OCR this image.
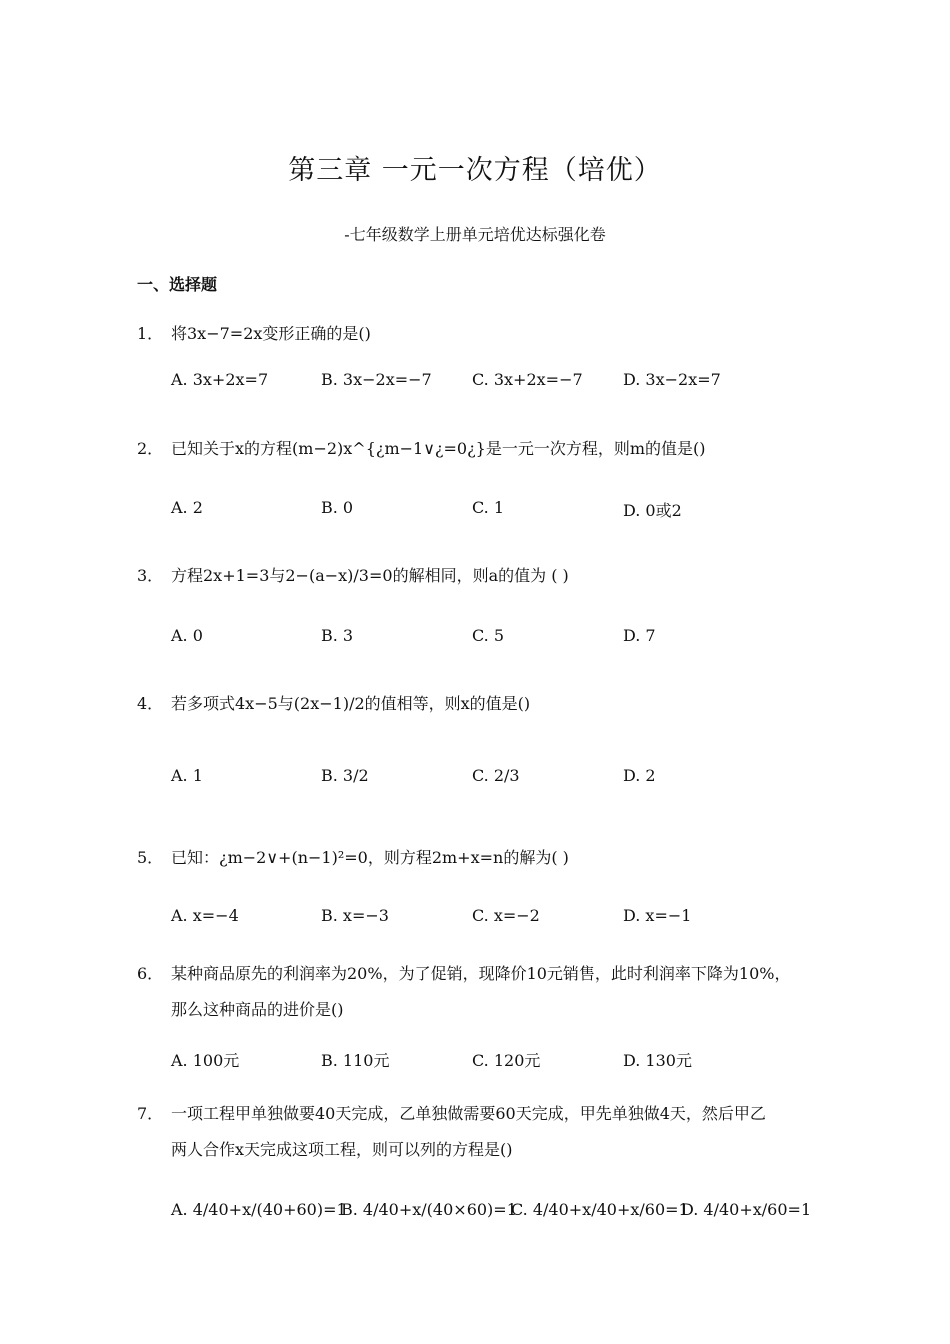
第三章 一元一次方程（培优）
-七年级数学上册单元培优达标强化卷
一、选择题
1． 将3x−7=2x变形正确的是()
A. 3x+2x=7	B. 3x−2x=−7	C. 3x+2x=−7	D. 3x−2x=7
2． 已知关于x的方程(m−2)x^{¿m−1∨¿=0¿}是一元一次方程，则m的值是()
A. 2	B. 0	C. 1	D. 0或2
3． 方程2x+1=3与2−(a−x)/3=0的解相同，则a的值为 ( )
A. 0	B. 3	C. 5	D. 7
4． 若多项式4x−5与(2x−1)/2的值相等，则x的值是()
A. 1	B. 3/2	C. 2/3	D. 2
5． 已知：¿m−2∨+(n−1)²=0，则方程2m+x=n的解为( )
A. x=−4	B. x=−3	C. x=−2	D. x=−1
6． 某种商品原先的利润率为20%，为了促销，现降价10元销售，此时利润率下降为10%，
那么这种商品的进价是()
A. 100元	B. 110元	C. 120元	D. 130元
7． 一项工程甲单独做要40天完成，乙单独做需要60天完成，甲先单独做4天，然后甲乙
两人合作x天完成这项工程，则可以列的方程是()
A. 4/40+x/(40+60)=1
B. 4/40+x/(40×60)=1
C. 4/40+x/40+x/60=1
D. 4/40+x/60=1
